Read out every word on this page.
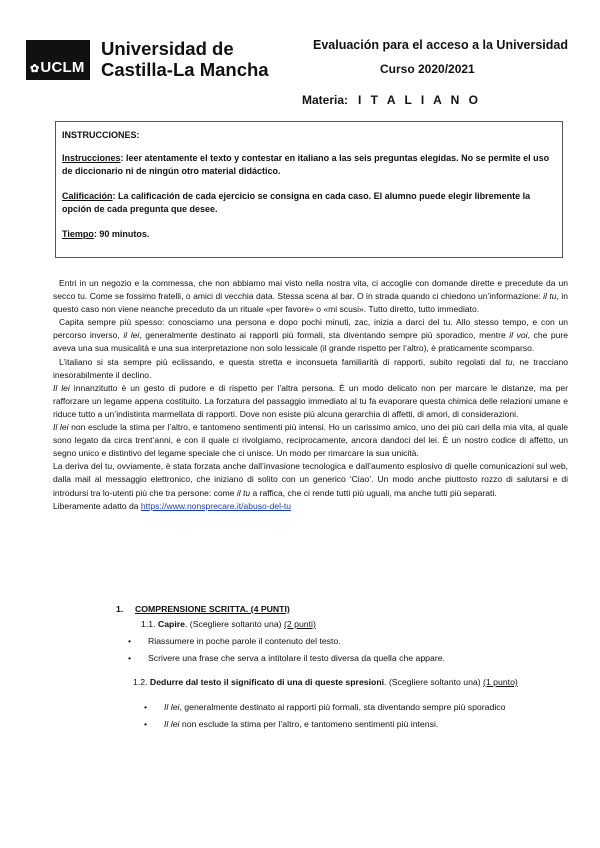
✿UCLM
Universidad de
Castilla-La Mancha
Evaluación para el acceso a la Universidad
Curso 2020/2021
Materia: I T A L I A N O

INSTRUCCIONES:

Instrucciones: leer atentamente el texto y contestar en italiano a las seis preguntas elegidas. No se permite el uso de diccionario ni de ningún otro material didáctico.

Calificación: La calificación de cada ejercicio se consigna en cada caso. El alumno puede elegir libremente la opción de cada pregunta que desee.

Tiempo: 90 minutos.

Entri in un negozio e la commessa, che non abbiamo mai visto nella nostra vita, ci accoglie con domande dirette e precedute da un secco tu. Come se fossimo fratelli, o amici di vecchia data. Stessa scena al bar. O in strada quando ci chiedono un’informazione: il tu, in questo caso non viene neanche preceduto da un rituale «per favore» o «mi scusi». Tutto diretto, tutto immediato.

Capita sempre più spesso: conosciamo una persona e dopo pochi minuti, zac, inizia a darci del tu. Allo stesso tempo, e con un percorso inverso, il lei, generalmente destinato ai rapporti più formali, sta diventando sempre più sporadico, mentre il voi, che pure aveva una sua musicalità e una sua interpretazione non solo lessicale (il grande rispetto per l’altro), è praticamente scomparso.

L’italiano si sta sempre più eclissando, e questa stretta e inconsueta familiarità di rapporti, subito regolati dal tu, ne tracciano inesorabilmente il declino.

Il lei innanzitutto è un gesto di pudore e di rispetto per l’altra persona. È un modo delicato non per marcare le distanze, ma per rafforzare un legame appena costituito. La forzatura del passaggio immediato al tu fa evaporare questa chimica delle relazioni umane e riduce tutto a un’indistinta marmellata di rapporti. Dove non esiste più alcuna gerarchia di affetti, di amori, di considerazioni.

Il lei non esclude la stima per l’altro, e tantomeno sentimenti più intensi. Ho un carissimo amico, uno dei più cari della mia vita, al quale sono legato da circa trent’anni, e con il quale ci rivolgiamo, reciprocamente, ancora dandoci del lei. È un nostro codice di affetto, un segno unico e distintivo del legame speciale che ci unisce. Un modo per rimarcare la sua unicità.

La deriva del tu, ovviamente, è stata forzata anche dall’invasione tecnologica e dall’aumento esplosivo di quelle comunicazioni sul web, dalla mail al messaggio elettronico, che iniziano di solito con un generico ‘Ciao’. Un modo anche piuttosto rozzo di salutarsi e di introdursi tra lo-utenti più che tra persone: come il tu a raffica, che ci rende tutti più uguali, ma anche tutti più separati.

Liberamente adatto da https://www.nonsprecare.it/abuso-del-tu

1. COMPRENSIONE SCRITTA. (4 PUNTI)
1.1. Capire. (Scegliere soltanto una) (2 punti)
• Riassumere in poche parole il contenuto del testo.
• Scrivere una frase che serva a intitolare il testo diversa da quella che appare.
1.2. Dedurre dal testo il significato di una di queste spresioni. (Scegliere soltanto una) (1 punto)
• Il lei, generalmente destinato ai rapporti più formali, sta diventando sempre più sporadico
• Il lei non esclude la stima per l’altro, e tantomeno sentimenti più intensi.
